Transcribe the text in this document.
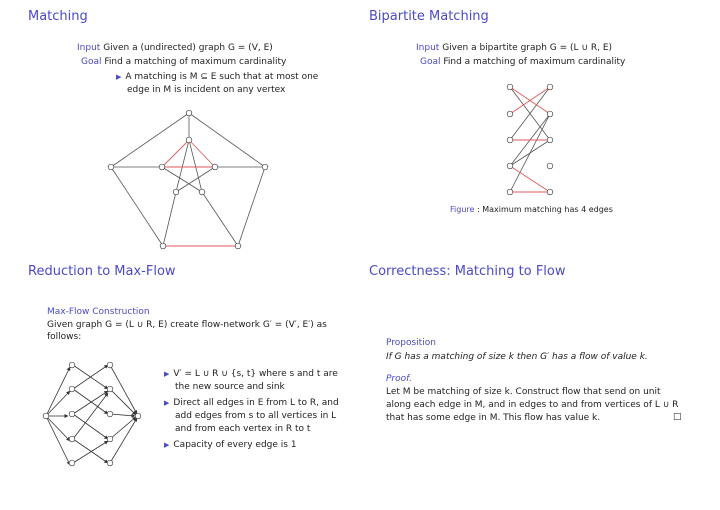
Matching
Input Given a (undirected) graph G = (V, E)
Goal Find a matching of maximum cardinality
▶ A matching is M ⊆ E such that at most one
edge in M is incident on any vertex
Bipartite Matching
Input Given a bipartite graph G = (L ∪ R, E)
Goal Find a matching of maximum cardinality
Figure : Maximum matching has 4 edges
Reduction to Max-Flow
Max-Flow Construction
Given graph G = (L ∪ R, E) create flow-network G′ = (V′, E′) as
follows:
▶ V′ = L ∪ R ∪ {s, t} where s and t are
the new source and sink
▶ Direct all edges in E from L to R, and
add edges from s to all vertices in L
and from each vertex in R to t
▶ Capacity of every edge is 1
Correctness: Matching to Flow
Proposition
If G has a matching of size k then G′ has a flow of value k.
Proof.
Let M be matching of size k. Construct flow that send on unit
along each edge in M, and in edges to and from vertices of L ∪ R
that has some edge in M. This flow has value k.	□
